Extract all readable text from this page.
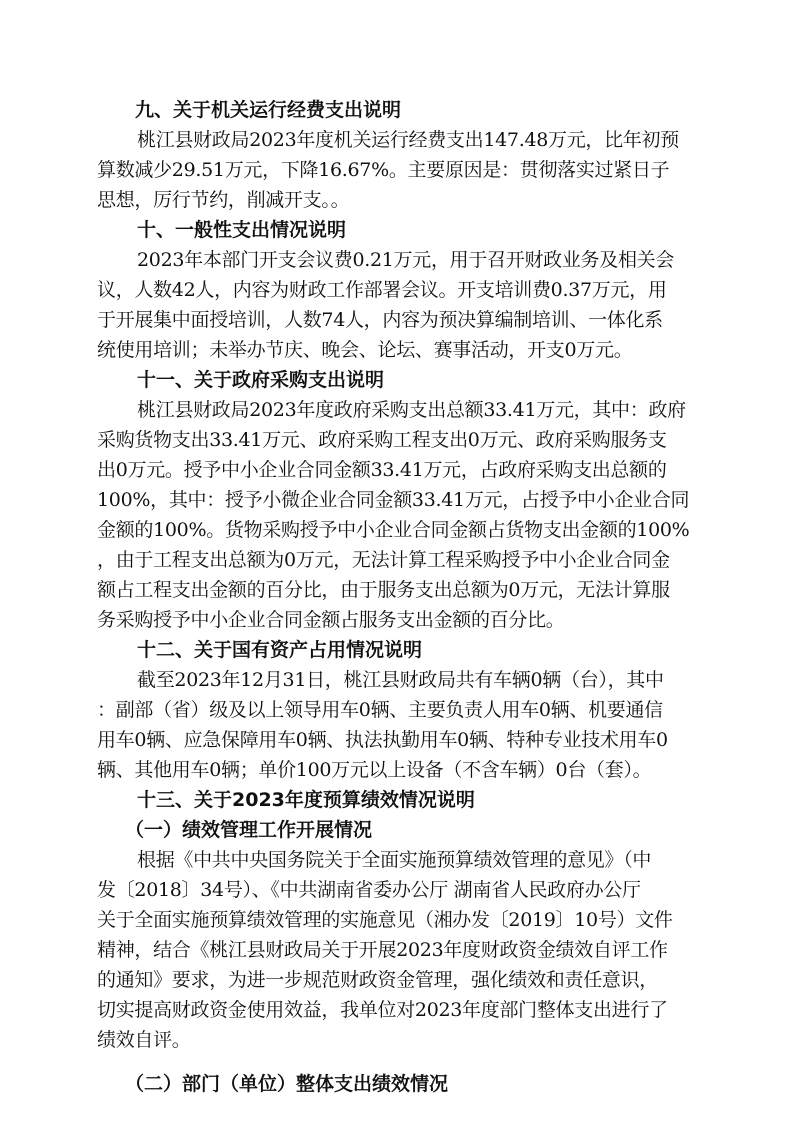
九、关于机关运行经费支出说明

桃江县财政局2023年度机关运行经费支出147.48万元，比年初预

算数减少29.51万元，下降16.67%。主要原因是：贯彻落实过紧日子

思想，厉行节约，削减开支。。

十、一般性支出情况说明

2023年本部门开支会议费0.21万元，用于召开财政业务及相关会

议，人数42人，内容为财政工作部署会议。开支培训费0.37万元，用

于开展集中面授培训，人数74人，内容为预决算编制培训、一体化系

统使用培训；未举办节庆、晚会、论坛、赛事活动，开支0万元。

十一、关于政府采购支出说明

桃江县财政局2023年度政府采购支出总额33.41万元，其中：政府

采购货物支出33.41万元、政府采购工程支出0万元、政府采购服务支

出0万元。授予中小企业合同金额33.41万元，占政府采购支出总额的

100%，其中：授予小微企业合同金额33.41万元，占授予中小企业合同

金额的100%。货物采购授予中小企业合同金额占货物支出金额的100%

，由于工程支出总额为0万元，无法计算工程采购授予中小企业合同金

额占工程支出金额的百分比，由于服务支出总额为0万元，无法计算服

务采购授予中小企业合同金额占服务支出金额的百分比。

十二、关于国有资产占用情况说明

截至2023年12月31日，桃江县财政局共有车辆0辆（台），其中

：副部（省）级及以上领导用车0辆、主要负责人用车0辆、机要通信

用车0辆、应急保障用车0辆、执法执勤用车0辆、特种专业技术用车0

辆、其他用车0辆；单价100万元以上设备（不含车辆）0台（套）。

十三、关于2023年度预算绩效情况说明
（一）绩效管理工作开展情况

根据《中共中央国务院关于全面实施预算绩效管理的意见》（中

发〔2018〕34号）、《中共湖南省委办公厅 湖南省人民政府办公厅

关于全面实施预算绩效管理的实施意见（湘办发〔2019〕10号）文件

精神，结合《桃江县财政局关于开展2023年度财政资金绩效自评工作

的通知》要求，为进一步规范财政资金管理，强化绩效和责任意识，

切实提高财政资金使用效益，我单位对2023年度部门整体支出进行了

绩效自评。

（二）部门（单位）整体支出绩效情况
